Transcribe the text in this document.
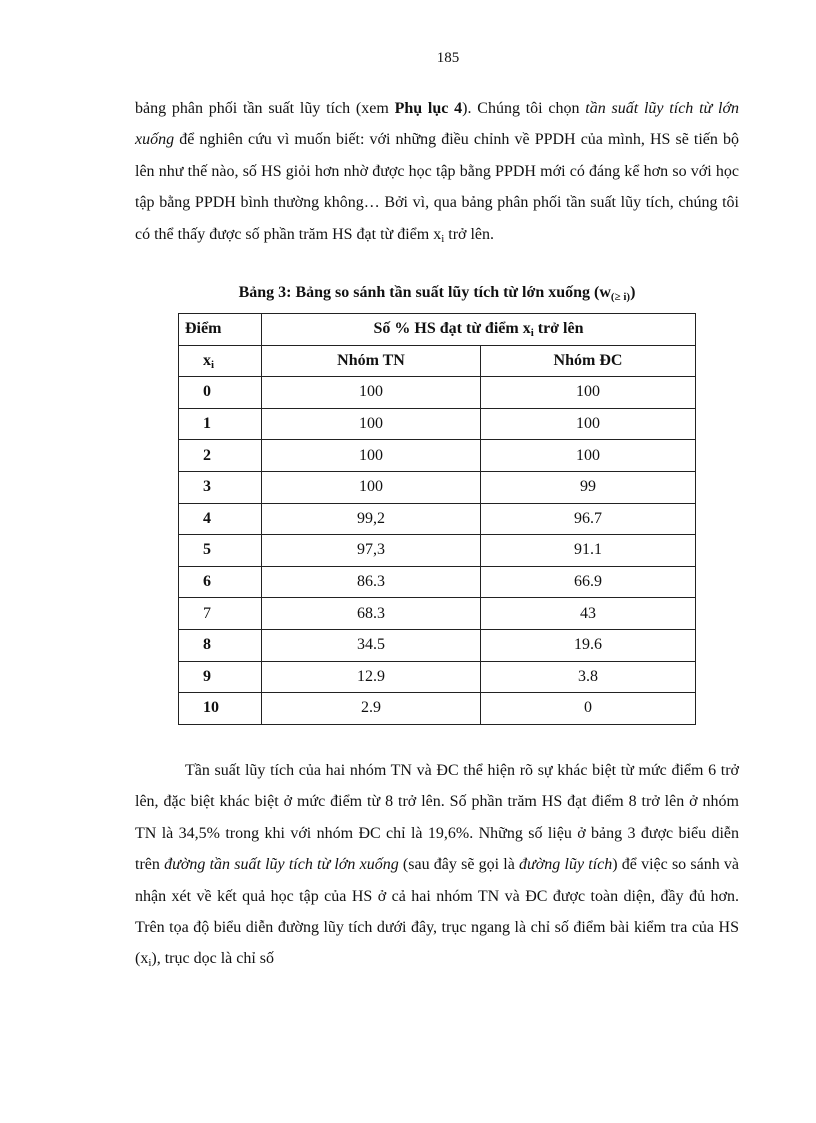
185

bảng phân phối tần suất lũy tích (xem Phụ lục 4). Chúng tôi chọn tần suất lũy tích từ lớn xuống để nghiên cứu vì muốn biết: với những điều chỉnh về PPDH của mình, HS sẽ tiến bộ lên như thế nào, số HS giỏi hơn nhờ được học tập bằng PPDH mới có đáng kể hơn so với học tập bằng PPDH bình thường không… Bởi vì, qua bảng phân phối tần suất lũy tích, chúng tôi có thể thấy được số phần trăm HS đạt từ điểm $x_i$ trở lên.

Bảng 3: Bảng so sánh tần suất lũy tích từ lớn xuống $(w_{(\ge i)})$
Điểm	Số % HS đạt từ điểm $x_i$ trở lên	
$x_i$	Nhóm TN	Nhóm ĐC
0	100	100
1	100	100
2	100	100
3	100	99
4	99,2	96.7
5	97,3	91.1
6	86.3	66.9
7	68.3	43
8	34.5	19.6
9	12.9	3.8
10	2.9	0

Tần suất lũy tích của hai nhóm TN và ĐC thể hiện rõ sự khác biệt từ mức điểm 6 trở lên, đặc biệt khác biệt ở mức điểm từ 8 trở lên. Số phần trăm HS đạt điểm 8 trở lên ở nhóm TN là 34,5% trong khi với nhóm ĐC chỉ là 19,6%. Những số liệu ở bảng 3 được biểu diễn trên đường tần suất lũy tích từ lớn xuống (sau đây sẽ gọi là đường lũy tích) để việc so sánh và nhận xét về kết quả học tập của HS ở cả hai nhóm TN và ĐC được toàn diện, đầy đủ hơn. Trên tọa độ biểu diễn đường lũy tích dưới đây, trục ngang là chỉ số điểm bài kiểm tra của HS $(x_i)$, trục dọc là chỉ số
